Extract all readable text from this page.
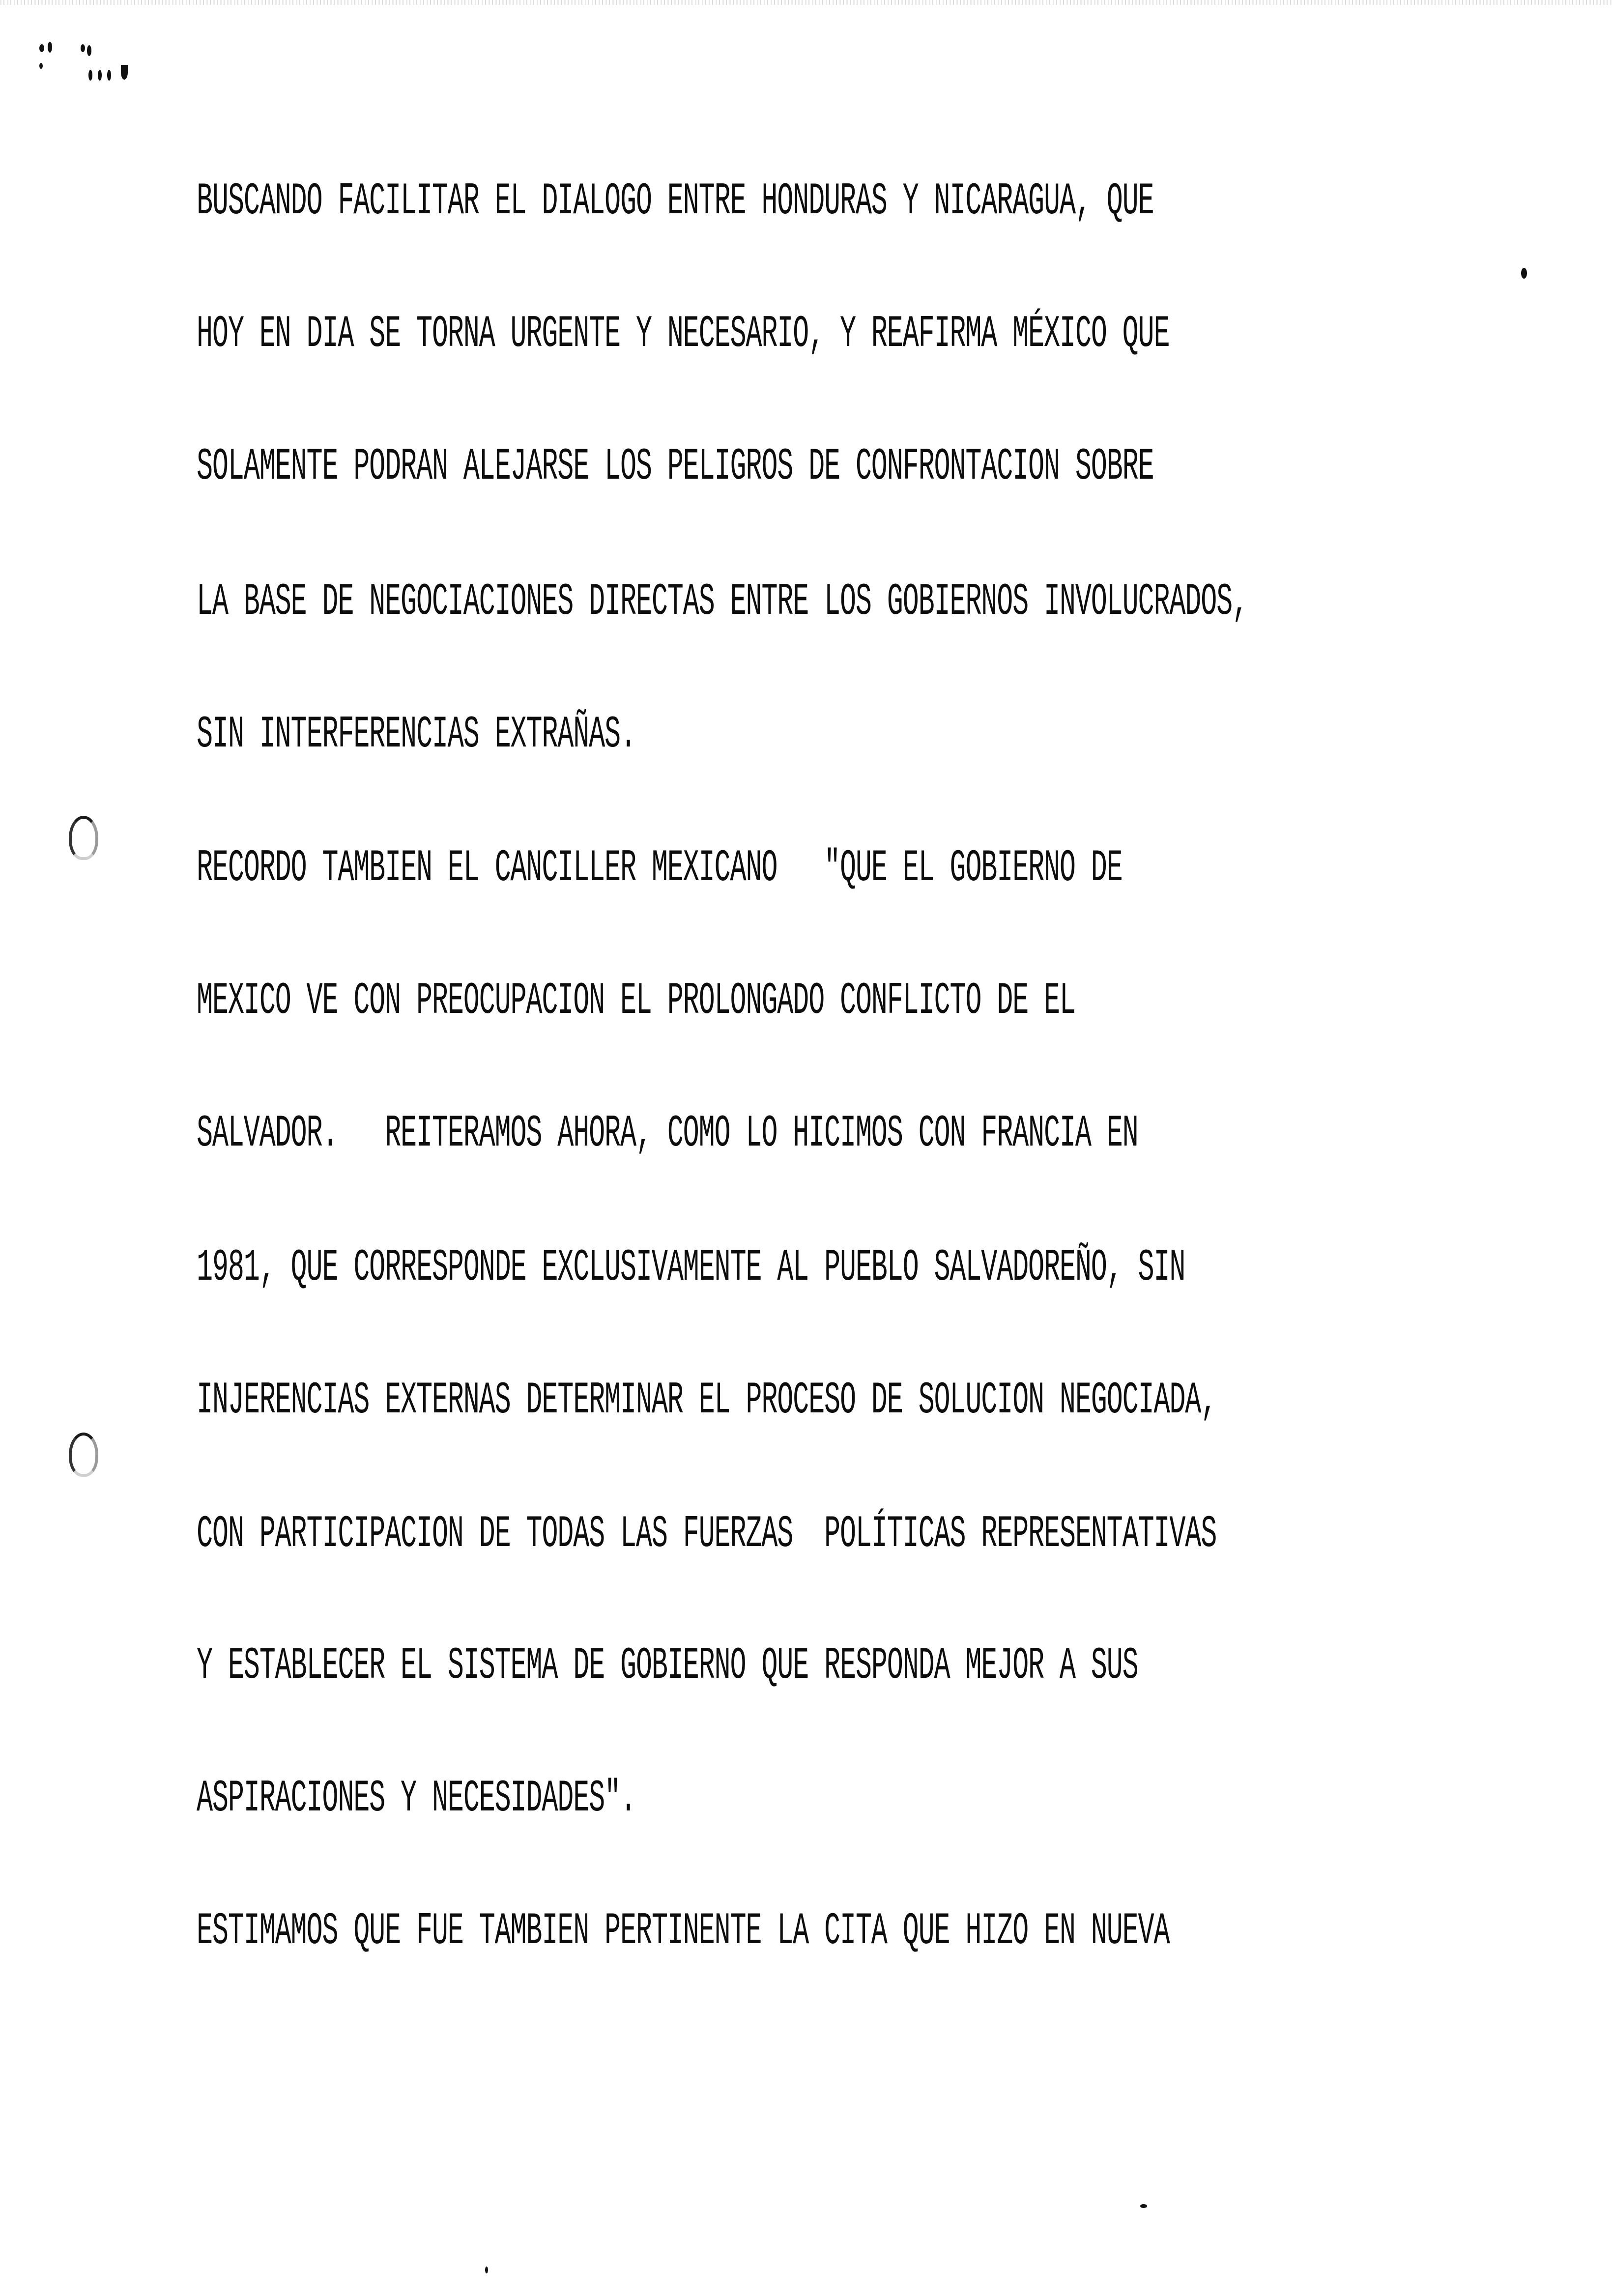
BUSCANDO FACILITAR EL DIALOGO ENTRE HONDURAS Y NICARAGUA, QUE
HOY EN DIA SE TORNA URGENTE Y NECESARIO, Y REAFIRMA MÉXICO QUE
SOLAMENTE PODRAN ALEJARSE LOS PELIGROS DE CONFRONTACION SOBRE
LA BASE DE NEGOCIACIONES DIRECTAS ENTRE LOS GOBIERNOS INVOLUCRADOS,
SIN INTERFERENCIAS EXTRAÑAS.
RECORDO TAMBIEN EL CANCILLER MEXICANO   "QUE EL GOBIERNO DE
MEXICO VE CON PREOCUPACION EL PROLONGADO CONFLICTO DE EL
SALVADOR.   REITERAMOS AHORA, COMO LO HICIMOS CON FRANCIA EN
1981, QUE CORRESPONDE EXCLUSIVAMENTE AL PUEBLO SALVADOREÑO, SIN
INJERENCIAS EXTERNAS DETERMINAR EL PROCESO DE SOLUCION NEGOCIADA,
CON PARTICIPACION DE TODAS LAS FUERZAS  POLÍTICAS REPRESENTATIVAS
Y ESTABLECER EL SISTEMA DE GOBIERNO QUE RESPONDA MEJOR A SUS
ASPIRACIONES Y NECESIDADES".
ESTIMAMOS QUE FUE TAMBIEN PERTINENTE LA CITA QUE HIZO EN NUEVA
